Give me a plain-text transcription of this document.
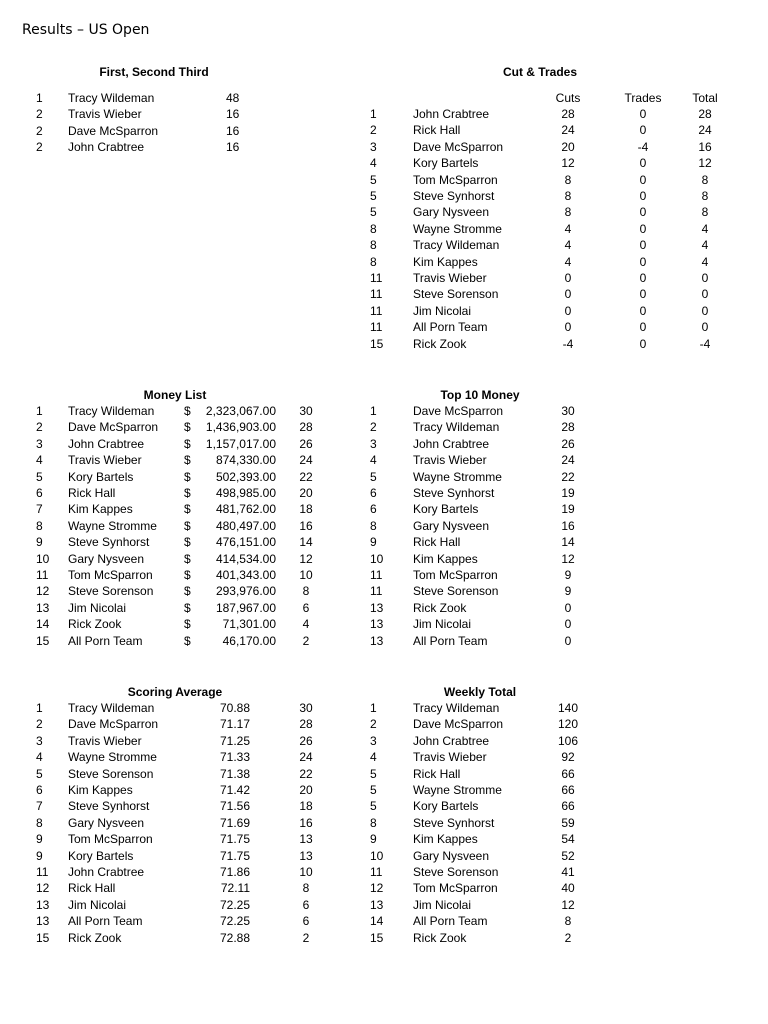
Results – US Open
First, Second Third
1 Tracy Wildeman	48
2 Travis Wieber	16
2 Dave McSparron	16
2 John Crabtree	16
Cut & Trades
Cuts	Trades	Total
1	John Crabtree	28	0	28
2	Rick Hall	24	0	24
3	Dave McSparron	20	-4	16
4	Kory Bartels	12	0	12
5	Tom McSparron	8	0	8
5	Steve Synhorst	8	0	8
5	Gary Nysveen	8	0	8
8	Wayne Stromme	4	0	4
8	Tracy Wildeman	4	0	4
8	Kim Kappes	4	0	4
11	Travis Wieber	0	0	0
11	Steve Sorenson	0	0	0
11	Jim Nicolai	0	0	0
11	All Porn Team	0	0	0
15 Rick Zook	-4	0	-4
Money List
1 Tracy Wildeman $	2,323,067.00	30
2 Dave McSparron $	1,436,903.00	28
3 John Crabtree	$	1,157,017.00	26
4 Travis Wieber	$	874,330.00	24
5 Kory Bartels	$	502,393.00	22
6 Rick Hall	$	498,985.00	20
7 Kim Kappes	$	481,762.00	18
8 Wayne Stromme $	480,497.00	16
9 Steve Synhorst	$	476,151.00	14
10 Gary Nysveen	$	414,534.00	12
11 Tom McSparron	$	401,343.00	10
12 Steve Sorenson	$	293,976.00	8
13 Jim Nicolai	$	187,967.00	6
14 Rick Zook	$	71,301.00	4
15 All Porn Team	$	46,170.00	2
Top 10 Money
1	Dave McSparron	30
2	Tracy Wildeman	28
3	John Crabtree	26
4	Travis Wieber	24
5	Wayne Stromme	22
6	Steve Synhorst	19
6	Kory Bartels	19
8	Gary Nysveen	16
9	Rick Hall	14
10 Kim Kappes	12
11	Tom McSparron	9
11	Steve Sorenson	9
13 Rick Zook	0
13 Jim Nicolai	0
13 All Porn Team	0
Scoring Average
1 Tracy Wildeman	70.88	30
2 Dave McSparron	71.17	28
3 Travis Wieber	71.25	26
4 Wayne Stromme	71.33	24
5 Steve Sorenson	71.38	22
6 Kim Kappes	71.42	20
7 Steve Synhorst	71.56	18
8 Gary Nysveen	71.69	16
9 Tom McSparron	71.75	13
9 Kory Bartels	71.75	13
11 John Crabtree	71.86	10
12 Rick Hall	72.11	8
13 Jim Nicolai	72.25	6
13 All Porn Team	72.25	6
15 Rick Zook	72.88	2
Weekly Total
1	Tracy Wildeman	140
2	Dave McSparron	120
3	John Crabtree	106
4	Travis Wieber	92
5	Rick Hall	66
5	Wayne Stromme	66
5	Kory Bartels	66
8	Steve Synhorst	59
9	Kim Kappes	54
10 Gary Nysveen	52
11	Steve Sorenson	41
12 Tom McSparron	40
13 Jim Nicolai	12
14 All Porn Team	8
15 Rick Zook	2
